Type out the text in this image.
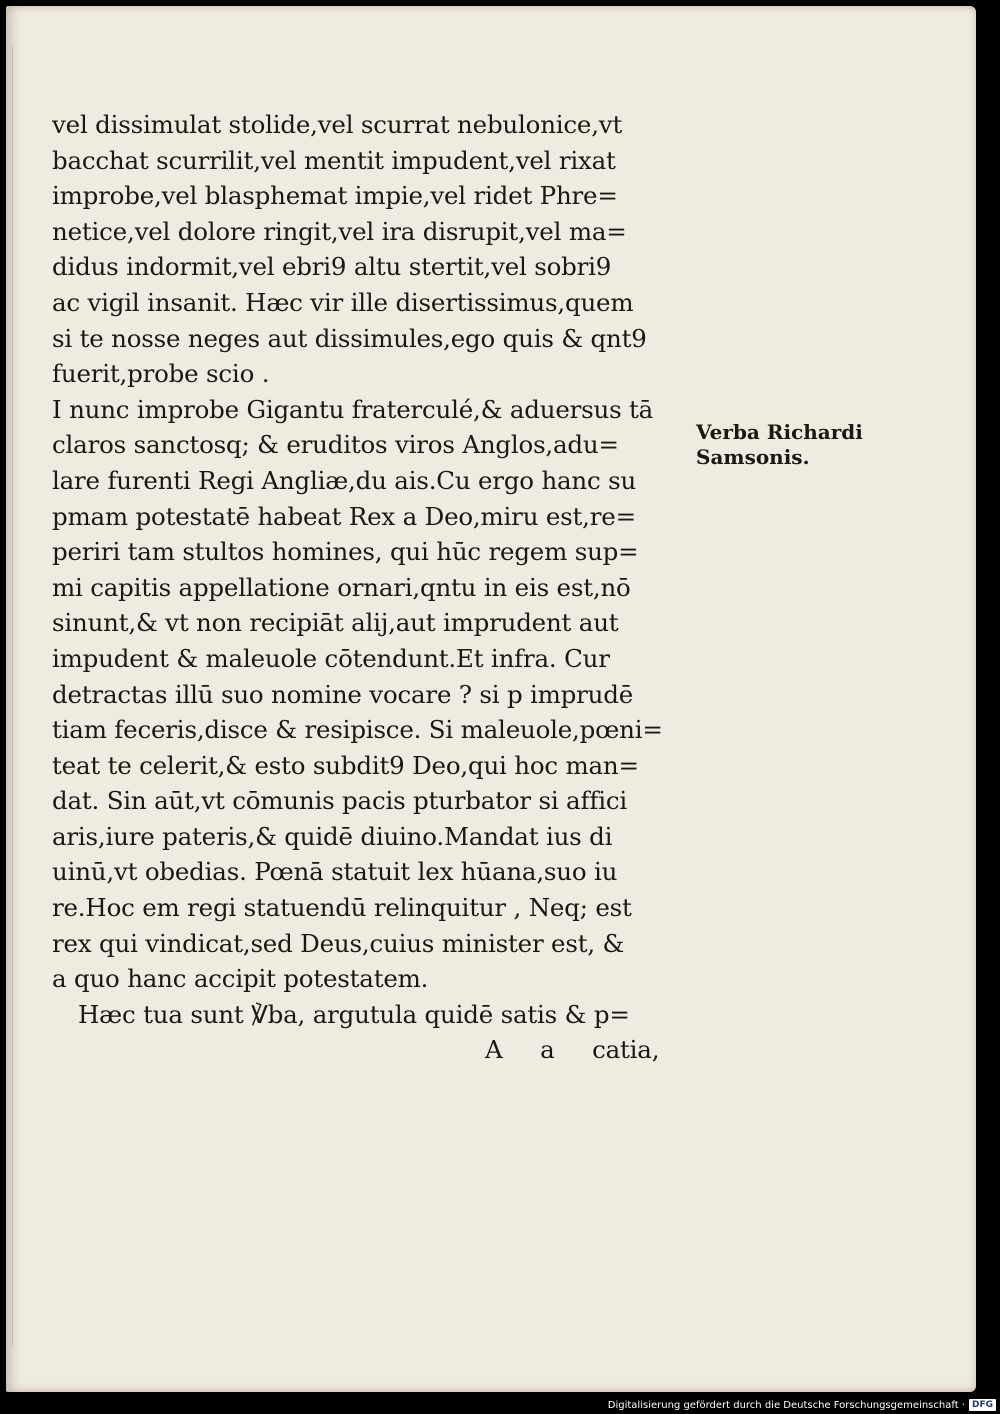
vel dissimulat stolide,vel scurrat nebulonice,vt
bacchat scurrilit,vel mentit impudent,vel rixat
improbe,vel blasphemat impie,vel ridet Phre=
netice,vel dolore ringit,vel ira disrupit,vel ma=
didus indormit,vel ebri9 altu stertit,vel sobri9
ac vigil insanit. Hæc vir ille disertissimus,quem
si te nosse neges aut dissimules,ego quis & qnt9
fuerit,probe scio .
I nunc improbe Gigantu fraterculé,& aduersus tā
claros sanctosq; & eruditos viros Anglos,adu=
lare furenti Regi Angliæ,du ais.Cu ergo hanc su
pmam potestatē habeat Rex a Deo,miru est,re=
periri tam stultos homines, qui hūc regem sup=
mi capitis appellatione ornari,qntu in eis est,nō
sinunt,& vt non recipiāt alij,aut imprudent aut
impudent & maleuole cōtendunt.Et infra. Cur
detractas illū suo nomine vocare ? si p imprudē
tiam feceris,disce & resipisce. Si maleuole,pœni=
teat te celerit,& esto subdit9 Deo,qui hoc man=
dat. Sin aūt,vt cōmunis pacis pturbator si affici
aris,iure pateris,& quidē diuino.Mandat ius di
uinū,vt obedias. Pœnā statuit lex hūana,suo iu
re.Hoc em regi statuendū relinquitur , Neq; est
rex qui vindicat,sed Deus,cuius minister est, &
a quo hanc accipit potestatem.
Hæc tua sunt ℣ba, argutula quidē satis & p=
A a catia,
Verba Richardi
Samsonis.
Digitalisierung gefördert durch die Deutsche Forschungsgemeinschaft · DFG
